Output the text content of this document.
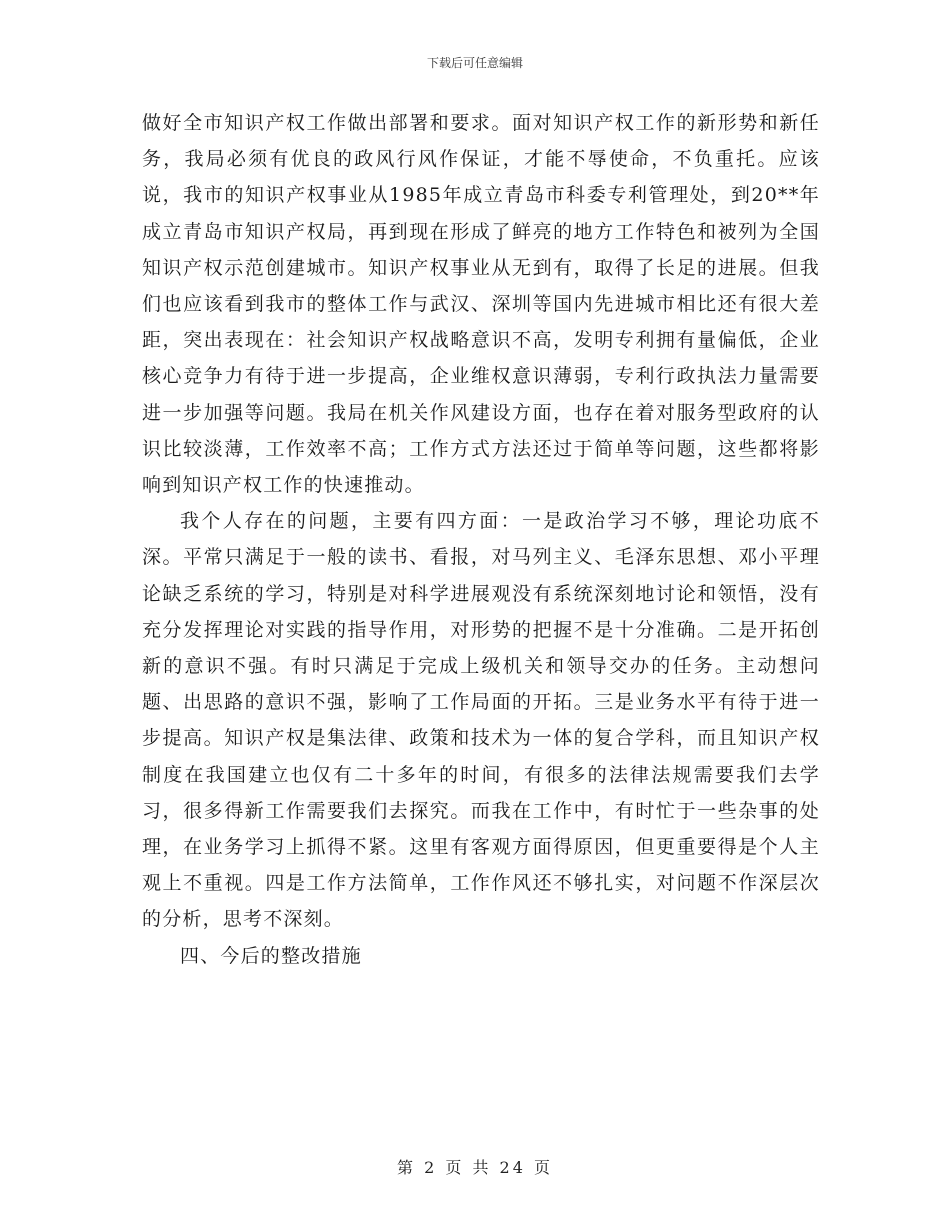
下载后可任意编辑

做好全市知识产权工作做出部署和要求。面对知识产权工作的新形势和新任务，我局必须有优良的政风行风作保证，才能不辱使命，不负重托。应该说，我市的知识产权事业从1985年成立青岛市科委专利管理处，到20**年成立青岛市知识产权局，再到现在形成了鲜亮的地方工作特色和被列为全国知识产权示范创建城市。知识产权事业从无到有，取得了长足的进展。但我们也应该看到我市的整体工作与武汉、深圳等国内先进城市相比还有很大差距，突出表现在：社会知识产权战略意识不高，发明专利拥有量偏低，企业核心竞争力有待于进一步提高，企业维权意识薄弱，专利行政执法力量需要进一步加强等问题。我局在机关作风建设方面，也存在着对服务型政府的认识比较淡薄，工作效率不高；工作方式方法还过于简单等问题，这些都将影响到知识产权工作的快速推动。

我个人存在的问题，主要有四方面：一是政治学习不够，理论功底不深。平常只满足于一般的读书、看报，对马列主义、毛泽东思想、邓小平理论缺乏系统的学习，特别是对科学进展观没有系统深刻地讨论和领悟，没有充分发挥理论对实践的指导作用，对形势的把握不是十分准确。二是开拓创新的意识不强。有时只满足于完成上级机关和领导交办的任务。主动想问题、出思路的意识不强，影响了工作局面的开拓。三是业务水平有待于进一步提高。知识产权是集法律、政策和技术为一体的复合学科，而且知识产权制度在我国建立也仅有二十多年的时间，有很多的法律法规需要我们去学习，很多得新工作需要我们去探究。而我在工作中，有时忙于一些杂事的处理，在业务学习上抓得不紧。这里有客观方面得原因，但更重要得是个人主观上不重视。四是工作方法简单，工作作风还不够扎实，对问题不作深层次的分析，思考不深刻。

四、今后的整改措施

第 2 页 共 24 页
